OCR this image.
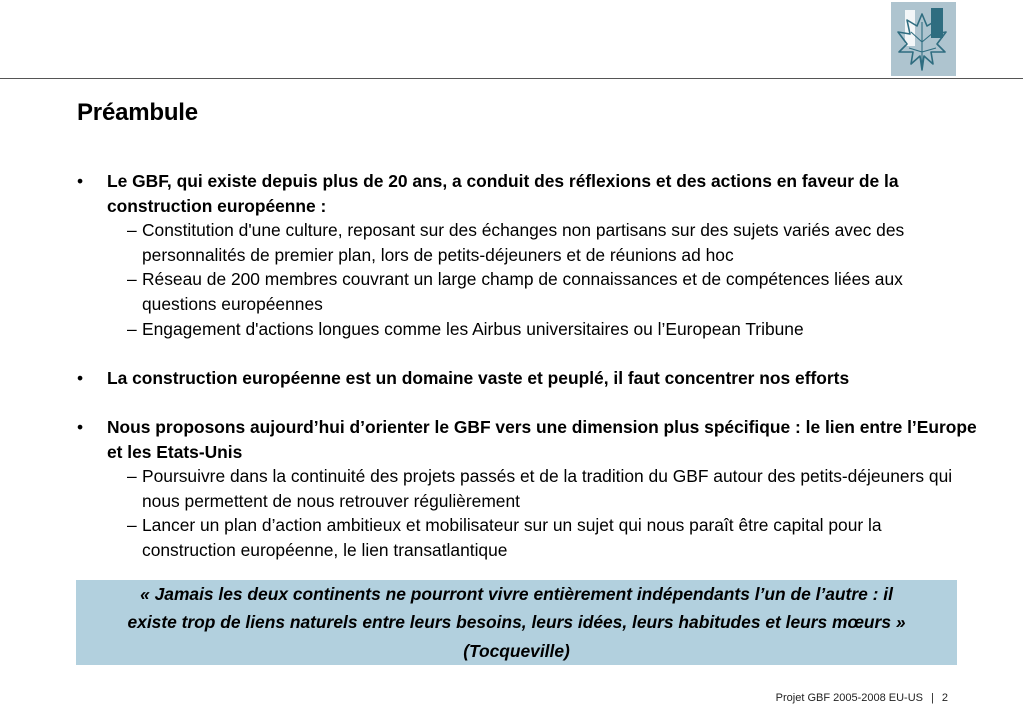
Préambule
• Le GBF, qui existe depuis plus de 20 ans, a conduit des réflexions et des actions en faveur de la construction européenne :
– Constitution d'une culture, reposant sur des échanges non partisans sur des sujets variés avec des personnalités de premier plan, lors de petits-déjeuners et de réunions ad hoc
– Réseau de 200 membres couvrant un large champ de connaissances et de compétences liées aux questions européennes
– Engagement d'actions longues comme les Airbus universitaires ou l’European Tribune
• La construction européenne est un domaine vaste et peuplé, il faut concentrer nos efforts
• Nous proposons aujourd’hui d’orienter le GBF vers une dimension plus spécifique : le lien entre l’Europe et les Etats-Unis
– Poursuivre dans la continuité des projets passés et de la tradition du GBF autour des petits-déjeuners qui nous permettent de nous retrouver régulièrement
– Lancer un plan d’action ambitieux et mobilisateur sur un sujet qui nous paraît être capital pour la construction européenne, le lien transatlantique

« Jamais les deux continents ne pourront vivre entièrement indépendants l’un de l’autre : il existe trop de liens naturels entre leurs besoins, leurs idées, leurs habitudes et leurs mœurs » (Tocqueville)

Projet GBF 2005-2008 EU-US | 2
